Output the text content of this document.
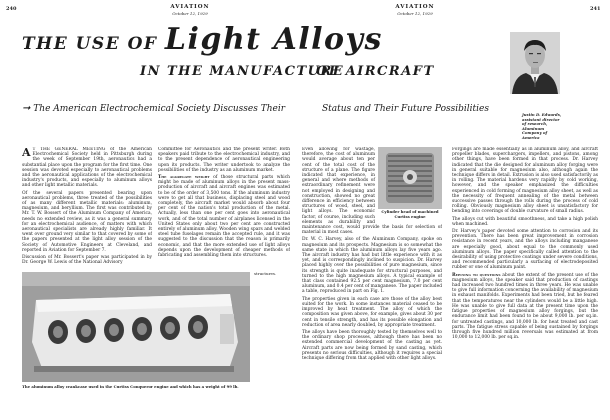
240	AVIATION
October 12, 1929
AVIATION
October 12, 1929
241
THE USE OF Light Alloys
IN THE MANUFACTURE
OF AIRCRAFT
➞ The American Electrochemical Society Discusses Their	Status and Their Future Possibilities
Justin D. Edwards, assistant director of research, Aluminum Company of America

A T THE GENERAL MEETING of the American Electrochemical Society held in Pittsburgh during the week of September 19th, aeronautics had a substantial place upon the program for the first time. One session was devoted especially to aeronautical problems and the aeronautical applications of the electrochemical industry's products, and especially to aluminum alloys and other light metallic materials.

Of the several papers presented bearing upon aeronautical problems, three treated of the possibilities of as many different metallic materials: aluminum, magnesium, and beryllium. The first was contributed by Mr. T. W. Bossert of the Aluminum Company of America, needs no extended review, as it was a general summary for an electrochemical audience, of matters with which aeronautical specialists are already highly familiar. It went over ground very similar to that covered by some of the papers presented at the light alloy session of the Society of Automotive Engineers at Cleveland, and reported in Aviation for September 7.

Discussion of Mr. Bossert's paper was participated in by Dr. George W. Lewis of the National Advisory

Committee for Aeronautics and the present writer. Both speakers paid tribute to the electrochemical industry, and to the present dependence of aeronautical engineering upon its products. The writer undertook to analyze the possibilities of the industry as an aluminum market.

The aggregate weight of those structural parts which might be made of aluminum alloys in the present mass-production of aircraft and aircraft engines was estimated to be of the order of 3,500 tons. If the aluminum industry were to get all that business, displacing steel and wood completely, the aircraft market would absorb about four per cent of the nation's total production of the metal. Actually, less than one per cent goes into aeronautical work, and of the total number of airplanes licensed in the United States only about two per cent are constructed entirely of aluminum alloy. Wooden wing spars and welded steel tube fuselages remain the accepted rule, and it was suggested to the discussion that the reason is primarily economic, and that the more extended use of light alloys depends upon the development of cheaper methods of fabricating and assembling them into structures.

Cylinder head of machined Curtiss engine

Even allowing for wastage, therefore, the cost of aluminum would average about ten per cent of the total cost of the structure of a plane. The figure indicated that experience, in general and where methods of extraordinary refinement were not employed in designing and construction, showed no great difference in efficiency between structures of wood, steel, and light alloys. The economic factor, of course, including such elements as durability and maintenance cost, would provide the basis for selection of material in most cases.

Dr. W. C. Harvey, also of the Aluminum Company, spoke on magnesium and its prospects. Magnesium is so somewhat the same state in which the aluminum alloys lay five years ago. The aircraft industry has had but little experience with it as yet, and is correspondingly inclined to suspicion. Dr. Harvey placed highly over the possibilities of pure magnesium, since its strength is quite inadequate for structural purposes, and turned to the high magnesium alloys. A typical example of that class contained 92.5 per cent magnesium, 7.0 per cent aluminum, and 0.4 per cent of manganese. The paper included a table, reproduced in part on Fig. 1.

The properties given in each case are those of the alloy best suited for the work. In some instances material ceased to be improved by heat treatment. The alloy of which the composition was given above, for example, gives about 30 per cent in tensile strength, and has its possible elongation and reduction of area nearly doubled, by appropriate treatment.

The alloys have been thoroughly tested by themselves well to the ordinary shop processes, although there has been no extended commercial development of the casting as yet. Aircraft parts are now being formed by sand casting, which presents no serious difficulties, although it requires a special technique differing from that applied with other light alloys.

Forgings are made essentially as in aluminum alloy, and aircraft propeller blades, superchargers, impellers, and pistons, among other things, have been formed in that process. Dr. Harvey indicated that the die designed for aluminum alloy forging were in general suitable for magnesium also, although again the technique differs in detail. Extrusion is also used satisfactorily as in rolling. The material hardens very rapidly by cold working, however, and the speaker emphasized the difficulties experienced in cold forming of magnesium alloy sheet, as well as the necessity of frequent annealing of the metal between successive passes through the rolls during the process of cold rolling. Obviously magnesium alloy sheet is unsatisfactory for bending into coverings of double curvature of small radius.

The alloys cut with beautiful smoothness, and take a high polish when machined.

Dr. Harvey's paper devoted some attention to corrosion and its prevention. There has been great improvement in corrosion resistance in recent years, and the alloys including manganese are especially good, about equal to the commonly used aluminum alloys. The paper specifically called attention to the desirability of using protective coatings under severe conditions, and recommended particularly a surfacing of electrodeposited rubber or one of aluminum paint.

Replying to questions about the extent of the present use of the magnesium alloys, the speaker said that production of castings had increased two hundred times in three years. He was unable to give full information concerning the availability of magnesium in exhaust manifolds. Experiments had been tried, but he feared that the temperatures near the cylinders would be a little high. He was unable to give full data at the present time upon the fatigue properties of magnesium alloy forgings, but the endurance limit had been found to be about 9,000 lb. per sq.in. for untreated castings, and 10,000 lb. for heat treated and cast parts. The fatigue stress capable of being sustained by forgings through five hundred million reversals was estimated at from 10,000 to 12,000 lb. per sq.in.

The aluminum alloy crankcase used in the Curtiss Conqueror engine and which has a weight of 99 lb.

structures.
